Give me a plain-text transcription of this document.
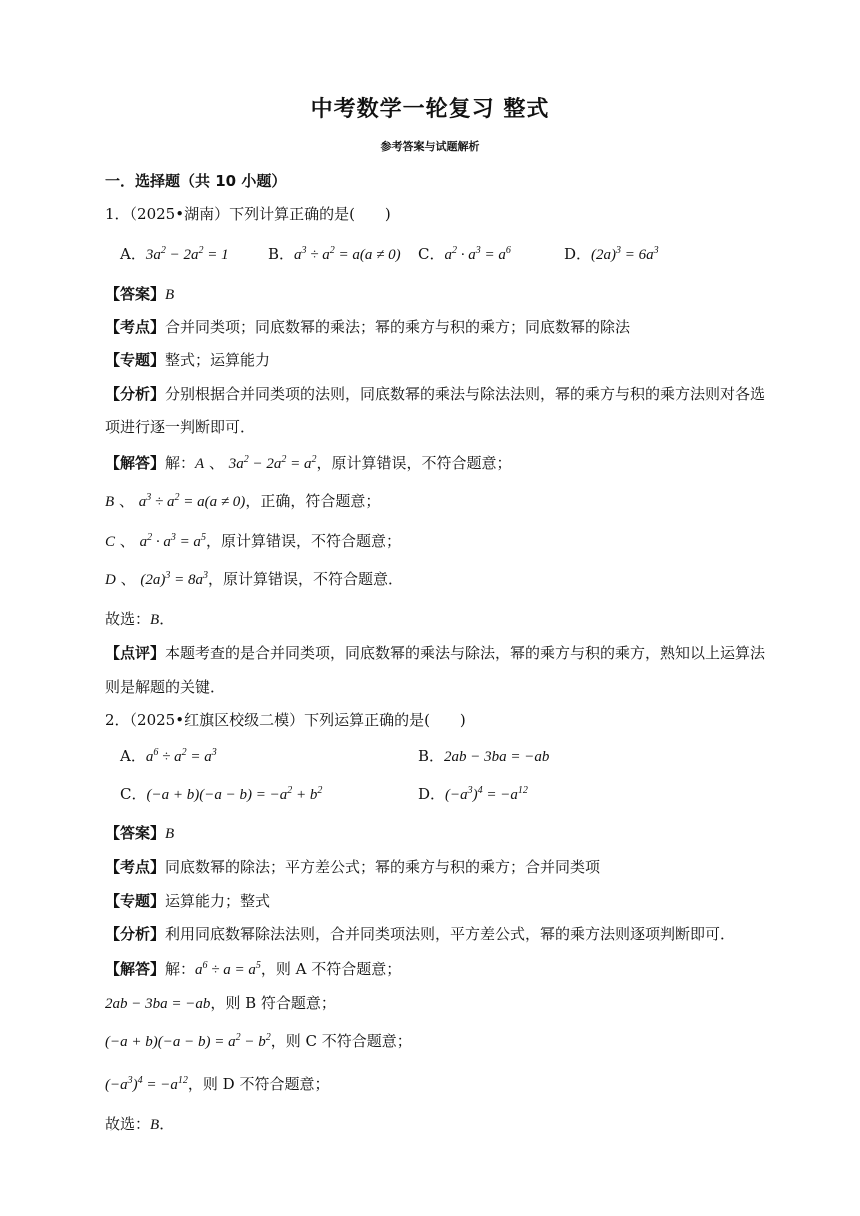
中考数学一轮复习 整式
参考答案与试题解析
一．选择题（共 10 小题）
1．（2025•湖南）下列计算正确的是(　　)
A．$3a^2 - 2a^2 = 1$	B．$a^3 \div a^2 = a(a \ne 0)$ C．$a^2 \cdot a^3 = a^6$	D．$(2a)^3 = 6a^3$
【答案】B
【考点】合并同类项；同底数幂的乘法；幂的乘方与积的乘方；同底数幂的除法
【专题】整式；运算能力
【分析】分别根据合并同类项的法则，同底数幂的乘法与除法法则，幂的乘方与积的乘方法则对各选
项进行逐一判断即可．
【解答】解：A 、 $3a^2 - 2a^2 = a^2$，原计算错误，不符合题意；
B 、 $a^3 \div a^2 = a(a \ne 0)$，正确，符合题意；
C 、 $a^2 \cdot a^3 = a^5$，原计算错误，不符合题意；
D 、 $(2a)^3 = 8a^3$，原计算错误，不符合题意．
故选：B．
【点评】本题考查的是合并同类项，同底数幂的乘法与除法，幂的乘方与积的乘方，熟知以上运算法
则是解题的关键．
2．（2025•红旗区校级二模）下列运算正确的是(　　)
A．$a^6 \div a^2 = a^3$	B．2ab − 3ba = −ab
C．$(-a + b)(-a - b) = -a^2 + b^2$	D．$(-a^3)^4 = -a^{12}$
【答案】B
【考点】同底数幂的除法；平方差公式；幂的乘方与积的乘方；合并同类项
【专题】运算能力；整式
【分析】利用同底数幂除法法则，合并同类项法则，平方差公式，幂的乘方法则逐项判断即可．
【解答】解：$a^6 \div a = a^5$，则 A 不符合题意；
2ab − 3ba = −ab，则 B 符合题意；
$(-a + b)(-a - b) = a^2 - b^2$，则 C 不符合题意；
$(-a^3)^4 = -a^{12}$，则 D 不符合题意；
故选：B．
